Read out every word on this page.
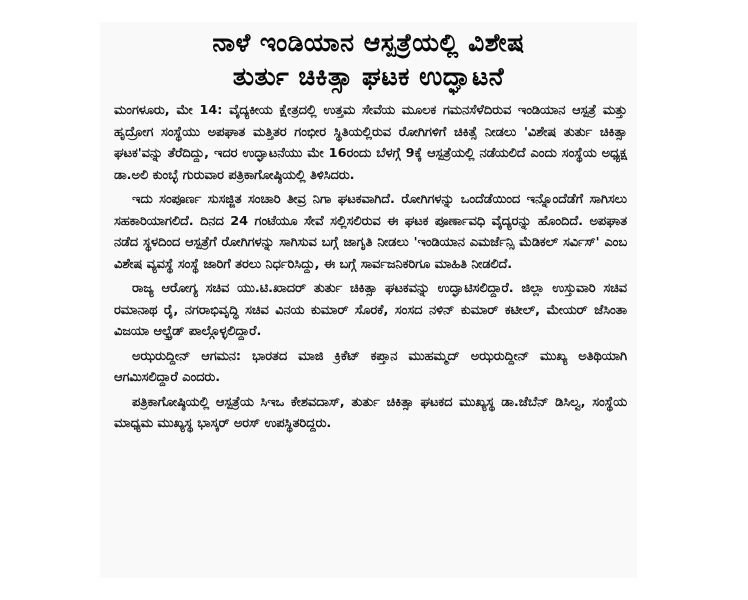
ನಾಳೆ ಇಂಡಿಯಾನ ಆಸ್ಪತ್ರೆಯಲ್ಲಿ ವಿಶೇಷ
ತುರ್ತು ಚಿಕಿತ್ಸಾ ಘಟಕ ಉದ್ಘಾಟನೆ

ಮಂಗಳೂರು, ಮೇ 14: ವೈದ್ಯಕೀಯ ಕ್ಷೇತ್ರದಲ್ಲಿ ಉತ್ತಮ ಸೇವೆಯ ಮೂಲಕ ಗಮನಸೆಳೆದಿರುವ ಇಂಡಿಯಾನ ಆಸ್ಪತ್ರೆ ಮತ್ತು ಹೃದ್ರೋಗ ಸಂಸ್ಥೆಯು ಅಪಘಾತ ಮತ್ತಿತರ ಗಂಭೀರ ಸ್ಥಿತಿಯಲ್ಲಿರುವ ರೋಗಿಗಳಿಗೆ ಚಿಕಿತ್ಸೆ ನೀಡಲು 'ವಿಶೇಷ ತುರ್ತು ಚಿಕಿತ್ಸಾ ಘಟಕ'ವನ್ನು ತೆರೆದಿದ್ದು, ಇದರ ಉದ್ಘಾಟನೆಯು ಮೇ 16ರಂದು ಬೆಳಗ್ಗೆ 9ಕ್ಕೆ ಆಸ್ಪತ್ರೆಯಲ್ಲಿ ನಡೆಯಲಿದೆ ಎಂದು ಸಂಸ್ಥೆಯ ಅಧ್ಯಕ್ಷ ಡಾ.ಅಲಿ ಕುಂಬ್ಳೆ ಗುರುವಾರ ಪತ್ರಿಕಾಗೋಷ್ಠಿಯಲ್ಲಿ ತಿಳಿಸಿದರು.

ಇದು ಸಂಪೂರ್ಣ ಸುಸಜ್ಜಿತ ಸಂಚಾರಿ ತೀವ್ರ ನಿಗಾ ಘಟಕವಾಗಿದೆ. ರೋಗಿಗಳನ್ನು ಒಂದೆಡೆಯಿಂದ ಇನ್ನೊಂದೆಡೆಗೆ ಸಾಗಿಸಲು ಸಹಕಾರಿಯಾಗಲಿದೆ. ದಿನದ 24 ಗಂಟೆಯೂ ಸೇವೆ ಸಲ್ಲಿಸಲಿರುವ ಈ ಘಟಕ ಪೂರ್ಣಾವಧಿ ವೈದ್ಯರನ್ನು ಹೊಂದಿದೆ. ಅಪಘಾತ ನಡೆದ ಸ್ಥಳದಿಂದ ಆಸ್ಪತ್ರೆಗೆ ರೋಗಿಗಳನ್ನು ಸಾಗಿಸುವ ಬಗ್ಗೆ ಜಾಗೃತಿ ನೀಡಲು 'ಇಂಡಿಯಾನ ಎಮರ್ಜೆನ್ಸಿ ಮೆಡಿಕಲ್ ಸರ್ವಿಸ್' ಎಂಬ ವಿಶೇಷ ವ್ಯವಸ್ಥೆ ಸಂಸ್ಥೆ ಜಾರಿಗೆ ತರಲು ನಿರ್ಧರಿಸಿದ್ದು, ಈ ಬಗ್ಗೆ ಸಾರ್ವಜನಿಕರಿಗೂ ಮಾಹಿತಿ ನೀಡಲಿದೆ.

ರಾಜ್ಯ ಆರೋಗ್ಯ ಸಚಿವ ಯು.ಟಿ.ಖಾದರ್ ತುರ್ತು ಚಿಕಿತ್ಸಾ ಘಟಕವನ್ನು ಉದ್ಘಾಟಿಸಲಿದ್ದಾರೆ. ಜಿಲ್ಲಾ ಉಸ್ತುವಾರಿ ಸಚಿವ ರಮಾನಾಥ ರೈ, ನಗರಾಭಿವೃದ್ಧಿ ಸಚಿವ ವಿನಯ ಕುಮಾರ್ ಸೊರಕೆ, ಸಂಸದ ನಳಿನ್ ಕುಮಾರ್ ಕಟೀಲ್, ಮೇಯರ್ ಜೆಸಿಂತಾ ವಿಜಯಾ ಆಲ್ಫ್ರೆಡ್ ಪಾಲ್ಗೊಳ್ಳಲಿದ್ದಾರೆ.

ಅಝರುದ್ದೀನ್ ಆಗಮನ: ಭಾರತದ ಮಾಜಿ ಕ್ರಿಕೆಟ್ ಕಪ್ತಾನ ಮುಹಮ್ಮದ್ ಅಝರುದ್ದೀನ್ ಮುಖ್ಯ ಅತಿಥಿಯಾಗಿ ಆಗಮಿಸಲಿದ್ದಾರೆ ಎಂದರು.

ಪತ್ರಿಕಾಗೋಷ್ಠಿಯಲ್ಲಿ ಆಸ್ಪತ್ರೆಯ ಸಿಇಒ ಕೇಶವದಾಸ್, ತುರ್ತು ಚಿಕಿತ್ಸಾ ಘಟಕದ ಮುಖ್ಯಸ್ಥ ಡಾ.ಜೆಬೆನ್ ಡಿಸಿಲ್ವ, ಸಂಸ್ಥೆಯ ಮಾಧ್ಯಮ ಮುಖ್ಯಸ್ಥ ಭಾಸ್ಕರ್ ಅರಸ್ ಉಪಸ್ಥಿತರಿದ್ದರು.
